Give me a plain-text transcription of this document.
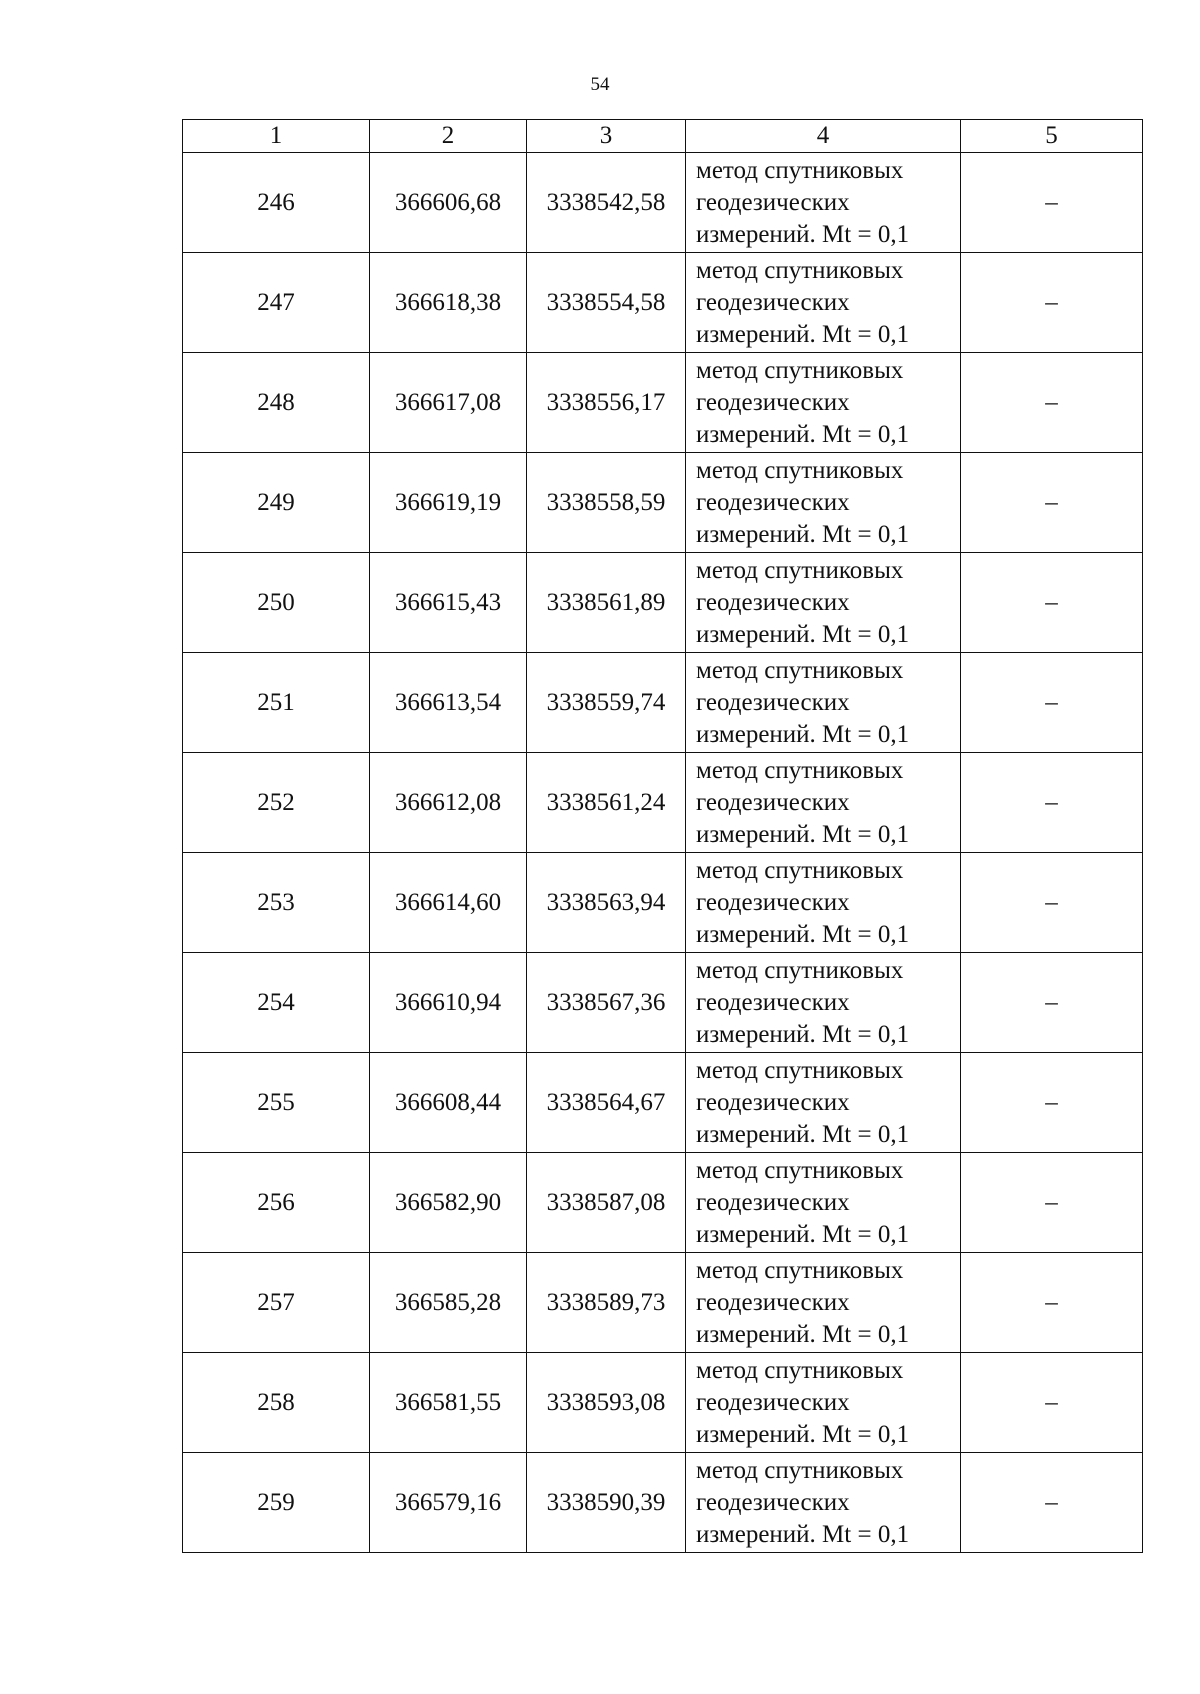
54
1	2	3	4	5
246	366606,68	3338542,58	метод спутниковых
геодезических
измерений. Mt = 0,1	–
247	366618,38	3338554,58	метод спутниковых
геодезических
измерений. Mt = 0,1	–
248	366617,08	3338556,17	метод спутниковых
геодезических
измерений. Mt = 0,1	–
249	366619,19	3338558,59	метод спутниковых
геодезических
измерений. Mt = 0,1	–
250	366615,43	3338561,89	метод спутниковых
геодезических
измерений. Mt = 0,1	–
251	366613,54	3338559,74	метод спутниковых
геодезических
измерений. Mt = 0,1	–
252	366612,08	3338561,24	метод спутниковых
геодезических
измерений. Mt = 0,1	–
253	366614,60	3338563,94	метод спутниковых
геодезических
измерений. Mt = 0,1	–
254	366610,94	3338567,36	метод спутниковых
геодезических
измерений. Mt = 0,1	–
255	366608,44	3338564,67	метод спутниковых
геодезических
измерений. Mt = 0,1	–
256	366582,90	3338587,08	метод спутниковых
геодезических
измерений. Mt = 0,1	–
257	366585,28	3338589,73	метод спутниковых
геодезических
измерений. Mt = 0,1	–
258	366581,55	3338593,08	метод спутниковых
геодезических
измерений. Mt = 0,1	–
259	366579,16	3338590,39	метод спутниковых
геодезических
измерений. Mt = 0,1	–
